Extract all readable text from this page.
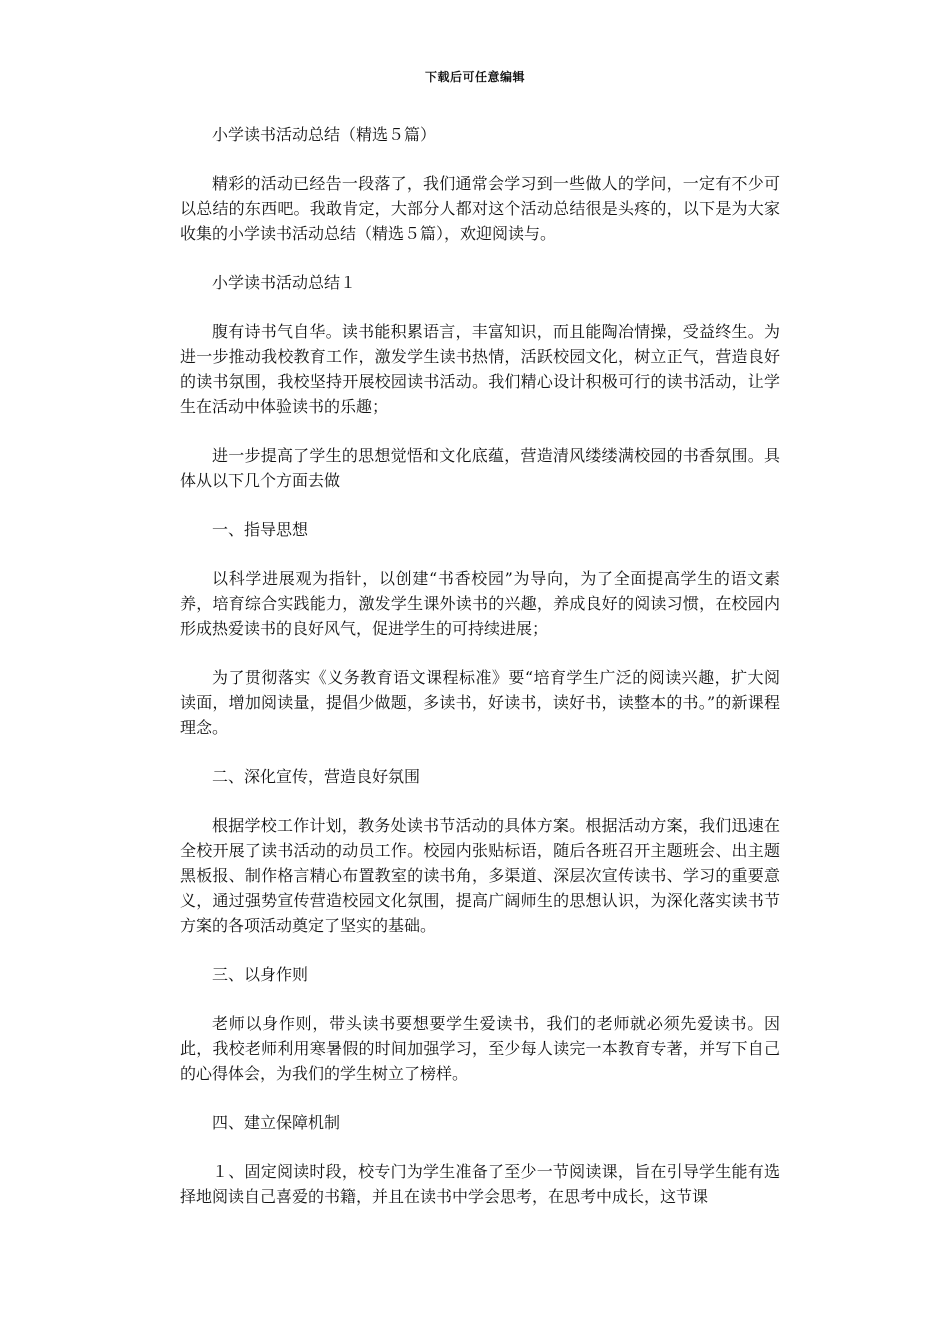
下载后可任意编辑

小学读书活动总结（精选５篇）

精彩的活动已经告一段落了，我们通常会学习到一些做人的学问，一定有不少可以总结的东西吧。我敢肯定，大部分人都对这个活动总结很是头疼的，以下是为大家收集的小学读书活动总结（精选５篇），欢迎阅读与。

小学读书活动总结１

腹有诗书气自华。读书能积累语言，丰富知识，而且能陶冶情操，受益终生。为进一步推动我校教育工作，激发学生读书热情，活跃校园文化，树立正气，营造良好的读书氛围，我校坚持开展校园读书活动。我们精心设计积极可行的读书活动，让学生在活动中体验读书的乐趣；

进一步提高了学生的思想觉悟和文化底蕴，营造清风缕缕满校园的书香氛围。具体从以下几个方面去做

一、指导思想

以科学进展观为指针，以创建“书香校园”为导向，为了全面提高学生的语文素养，培育综合实践能力，激发学生课外读书的兴趣，养成良好的阅读习惯，在校园内形成热爱读书的良好风气，促进学生的可持续进展；

为了贯彻落实《义务教育语文课程标准》要“培育学生广泛的阅读兴趣，扩大阅读面，增加阅读量，提倡少做题，多读书，好读书，读好书，读整本的书。”的新课程理念。

二、深化宣传，营造良好氛围

根据学校工作计划，教务处读书节活动的具体方案。根据活动方案，我们迅速在全校开展了读书活动的动员工作。校园内张贴标语，随后各班召开主题班会、出主题黑板报、制作格言精心布置教室的读书角，多渠道、深层次宣传读书、学习的重要意义，通过强势宣传营造校园文化氛围，提高广阔师生的思想认识，为深化落实读书节方案的各项活动奠定了坚实的基础。

三、以身作则

老师以身作则，带头读书要想要学生爱读书，我们的老师就必须先爱读书。因此，我校老师利用寒暑假的时间加强学习，至少每人读完一本教育专著，并写下自己的心得体会，为我们的学生树立了榜样。

四、建立保障机制

１、固定阅读时段，校专门为学生准备了至少一节阅读课，旨在引导学生能有选择地阅读自己喜爱的书籍，并且在读书中学会思考，在思考中成长，这节课
